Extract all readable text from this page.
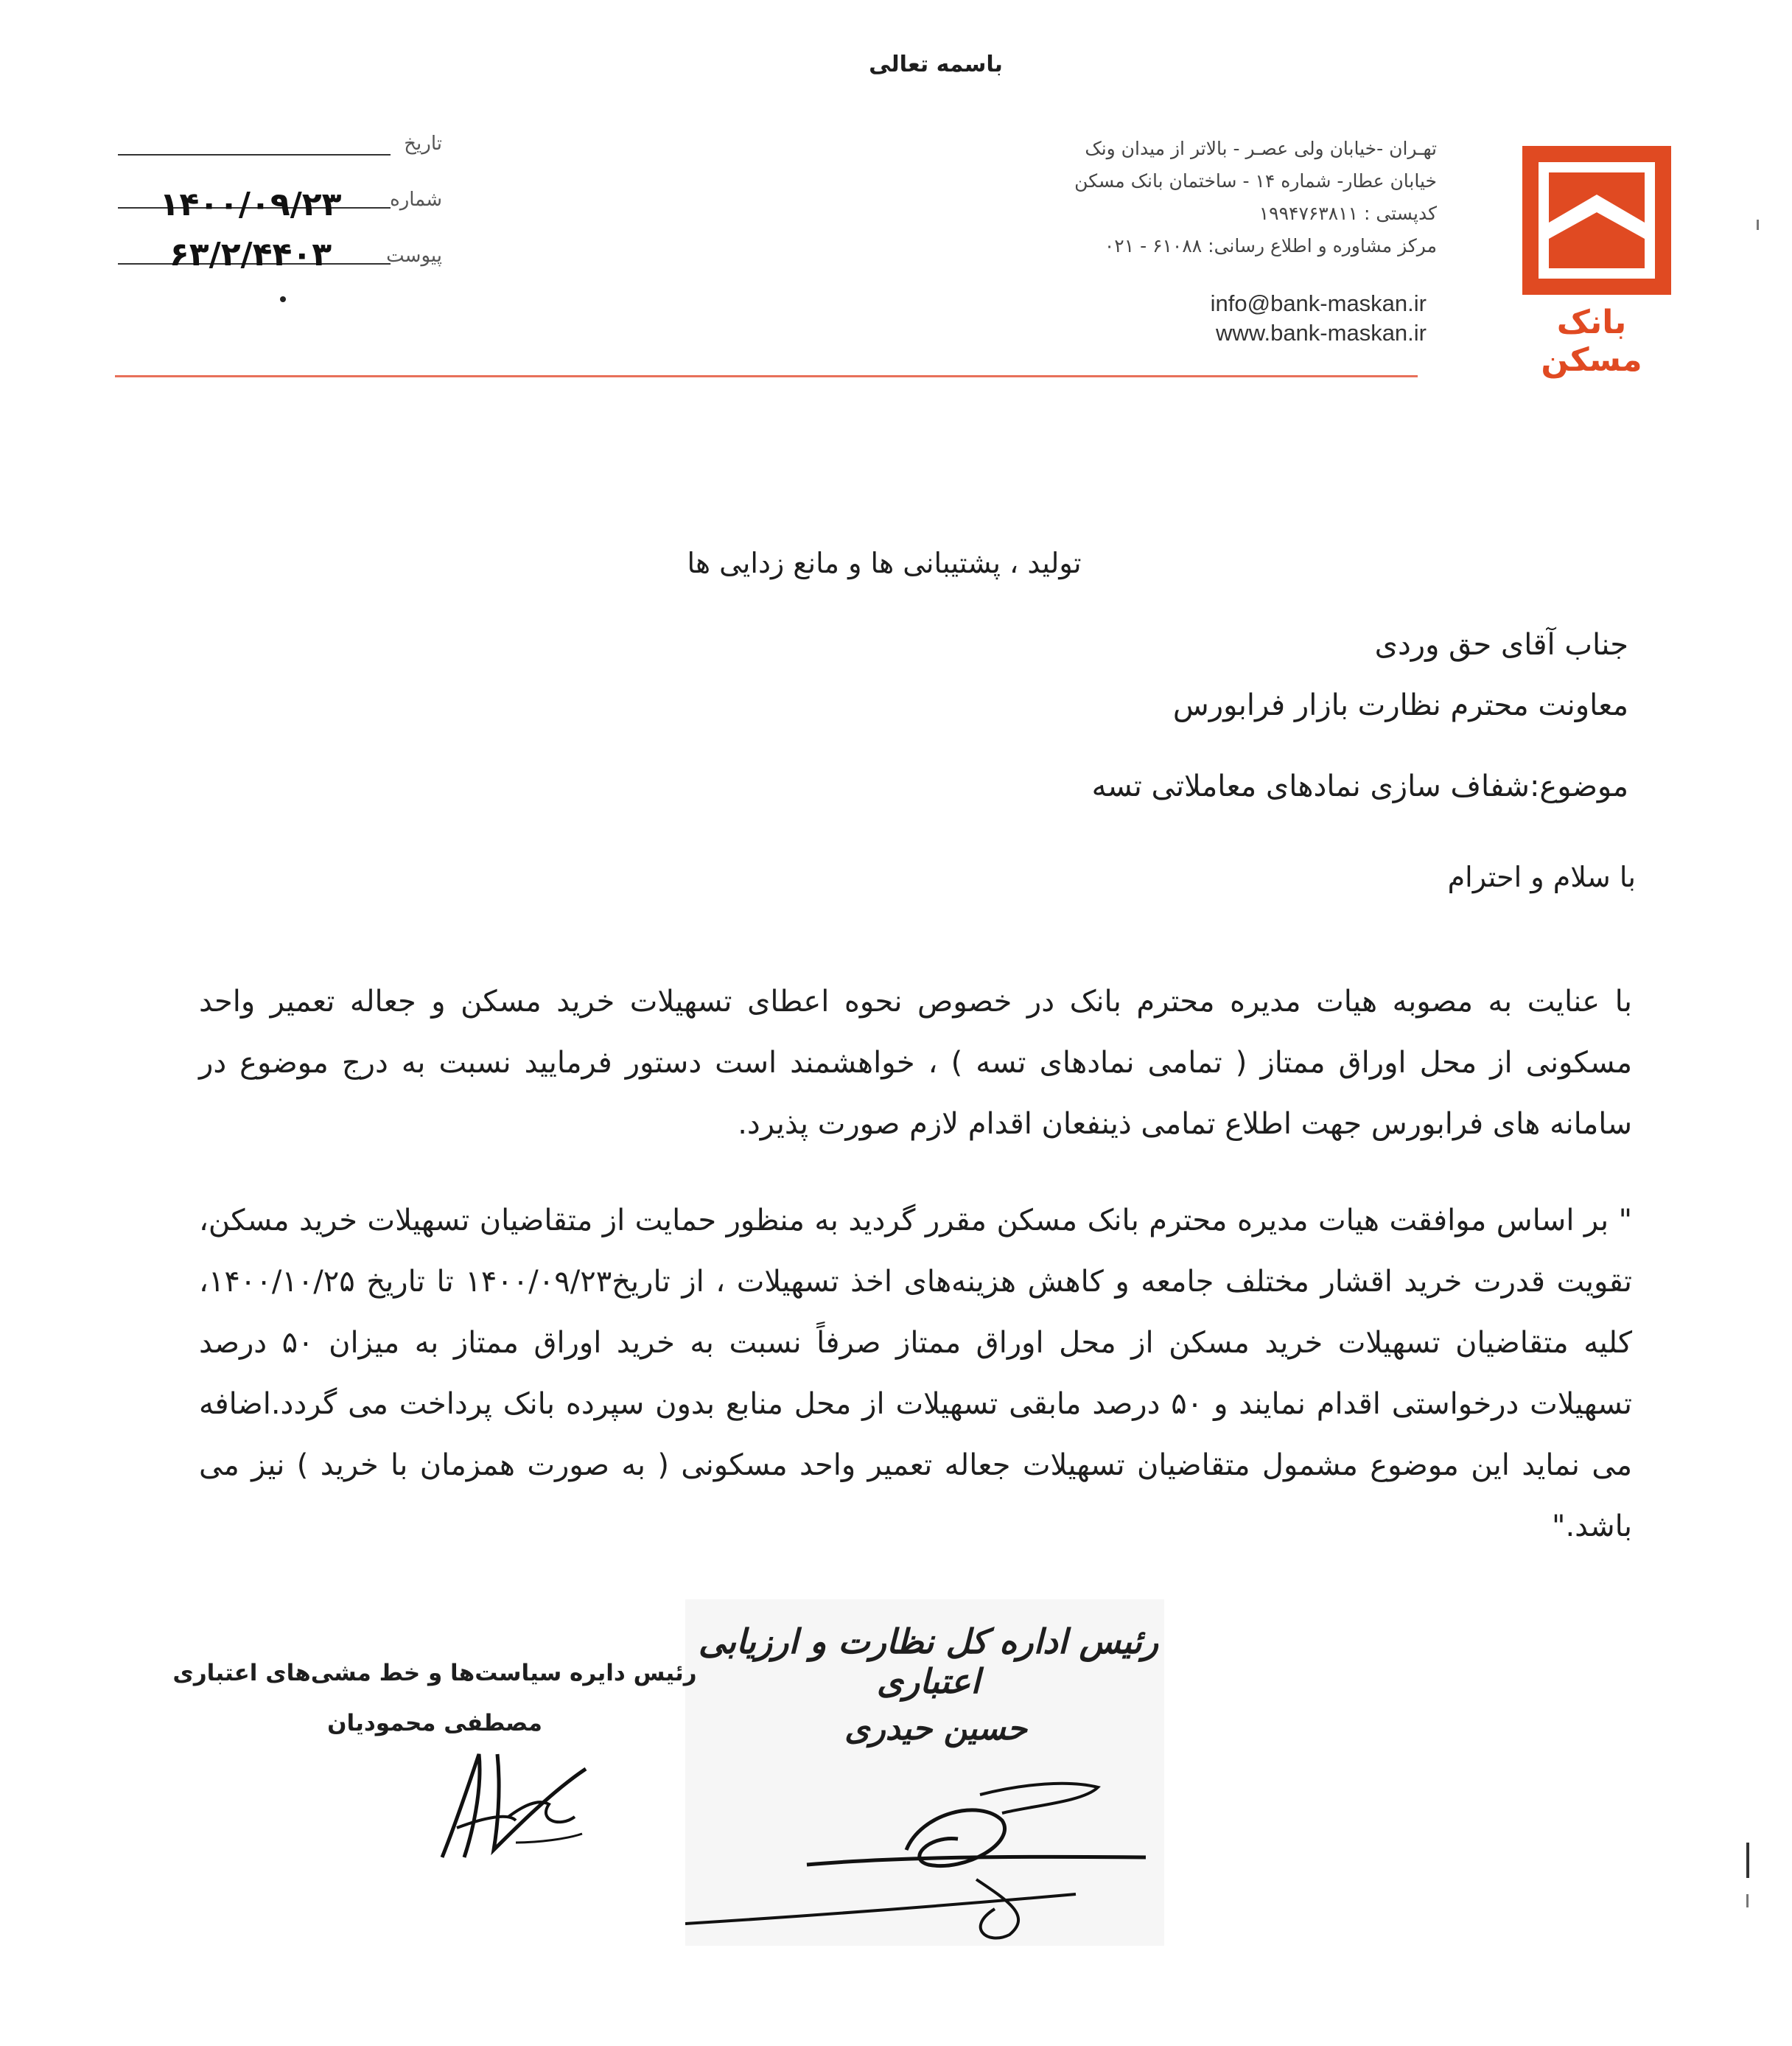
باسمه تعالی
بانک مسکن
تهـران -خیابان ولی عصـر - بالاتر از میدان ونک
خیابان عطار- شماره ۱۴ - ساختمان بانک مسکن
کدپستی : ۱۹۹۴۷۶۳۸۱۱
مرکز مشاوره و اطلاع رسانی: ۶۱۰۸۸ - ۰۲۱
info@bank-maskan.ir
www.bank-maskan.ir
تاریخ
شماره
۱۴۰۰/۰۹/۲۳
پیوست
۶۳/۲/۴۴۰۳
تولید ، پشتیبانی ها و مانع زدایی ها
جناب آقای حق وردی
معاونت محترم نظارت بازار فرابورس
موضوع:شفاف سازی نمادهای معاملاتی تسه
با سلام و احترام
با عنایت به مصوبه هیات مدیره محترم بانک در خصوص نحوه اعطای تسهیلات خرید مسکن و جعاله تعمیر واحد مسکونی از محل اوراق ممتاز ( تمامی نمادهای تسه ) ، خواهشمند است دستور فرمایید نسبت به درج موضوع در سامانه های فرابورس جهت اطلاع تمامی ذینفعان اقدام لازم صورت پذیرد.
" بر اساس موافقت هیات مدیره محترم بانک مسکن مقرر گردید به منظور حمایت از متقاضیان تسهیلات خرید مسکن، تقویت قدرت خرید اقشار مختلف جامعه و کاهش هزینه‌های اخذ تسهیلات ، از تاریخ۱۴۰۰/۰۹/۲۳ تا تاریخ ۱۴۰۰/۱۰/۲۵، کلیه متقاضیان تسهیلات خرید مسکن از محل اوراق ممتاز صرفاً نسبت به خرید اوراق ممتاز به میزان ۵۰ درصد تسهیلات درخواستی اقدام نمایند و ۵۰ درصد مابقی تسهیلات از محل منابع بدون سپرده بانک پرداخت می گردد.اضافه می نماید این موضوع مشمول متقاضیان تسهیلات جعاله تعمیر واحد مسکونی ( به صورت همزمان با خرید ) نیز می باشد."
رئیس اداره کل نظارت و ارزیابی اعتباری
حسین حیدری
رئیس دایره سیاست‌ها و خط مشی‌های اعتباری
مصطفی محمودیان
